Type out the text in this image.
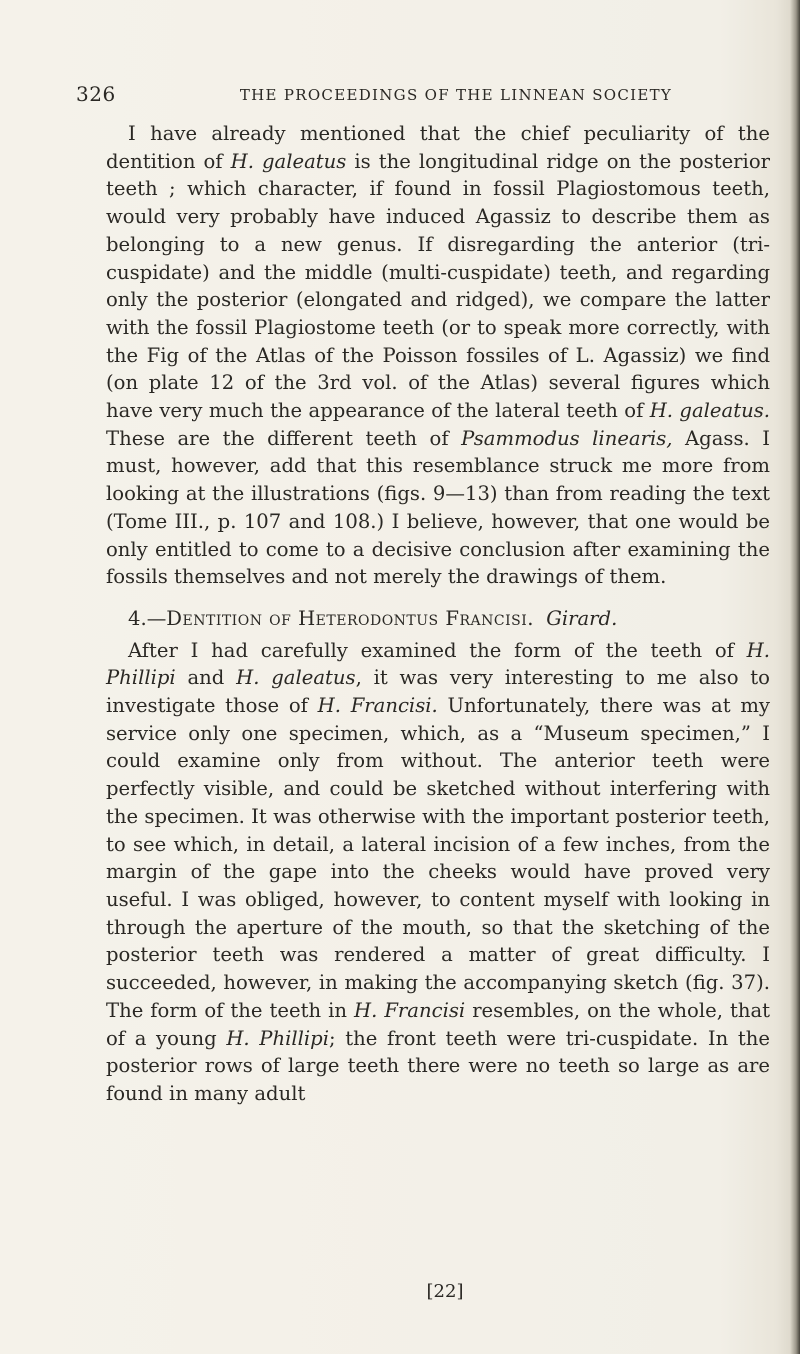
326	THE PROCEEDINGS OF THE LINNEAN SOCIETY

I have already mentioned that the chief peculiarity of the dentition of H. galeatus is the longitudinal ridge on the posterior teeth ; which character, if found in fossil Plagiostomous teeth, would very probably have induced Agassiz to describe them as belonging to a new genus. If disregarding the anterior (tri-cuspidate) and the middle (multi-cuspidate) teeth, and regarding only the posterior (elongated and ridged), we compare the latter with the fossil Plagiostome teeth (or to speak more correctly, with the Fig of the Atlas of the Poisson fossiles of L. Agassiz) we find (on plate 12 of the 3rd vol. of the Atlas) several figures which have very much the appearance of the lateral teeth of H. galeatus. These are the different teeth of Psammodus linearis, Agass. I must, however, add that this resemblance struck me more from looking at the illustrations (figs. 9—13) than from reading the text (Tome III., p. 107 and 108.) I believe, however, that one would be only entitled to come to a decisive conclusion after examining the fossils themselves and not merely the drawings of them.

4.—Dentition of Heterodontus Francisi. Girard.

After I had carefully examined the form of the teeth of H. Phillipi and H. galeatus, it was very interesting to me also to investigate those of H. Francisi. Unfortunately, there was at my service only one specimen, which, as a “Museum specimen,” I could examine only from without. The anterior teeth were perfectly visible, and could be sketched without interfering with the specimen. It was otherwise with the important posterior teeth, to see which, in detail, a lateral incision of a few inches, from the margin of the gape into the cheeks would have proved very useful. I was obliged, however, to content myself with looking in through the aperture of the mouth, so that the sketching of the posterior teeth was rendered a matter of great difficulty. I succeeded, however, in making the accompanying sketch (fig. 37). The form of the teeth in H. Francisi resembles, on the whole, that of a young H. Phillipi; the front teeth were tri-cuspidate. In the posterior rows of large teeth there were no teeth so large as are found in many adult

[22]
